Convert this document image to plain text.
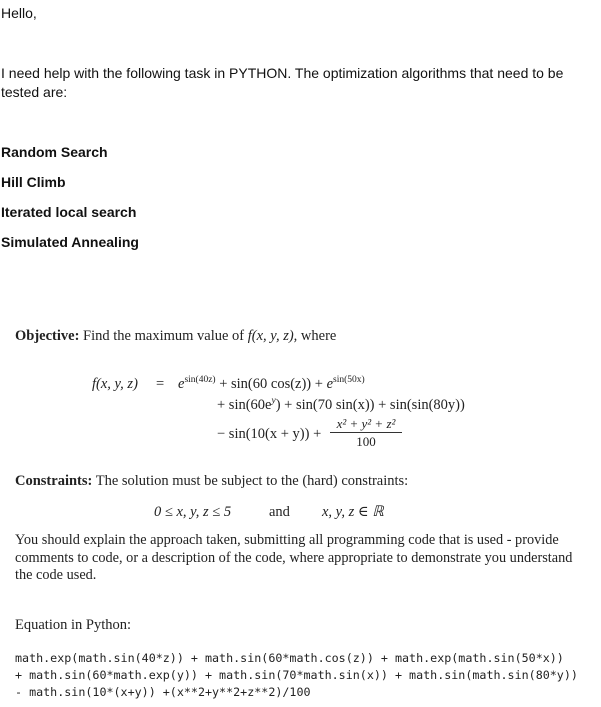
Hello,

I need help with the following task in PYTHON. The optimization algorithms that need to be tested are:

Random Search

Hill Climb

Iterated local search

Simulated Annealing

Objective: Find the maximum value of f(x, y, z), where
f(x, y, $z) = e^{sin(40z)} + \sin(60$ $\cos(z)) + e^{sin(50x)}$
+ $\sin(60e^y) + \sin(70$ sin(x)) + sin(sin(80y))
− sin(10(x + y)) +
x² + y² + z²
100
Constraints: The solution must be subject to the (hard) constraints:
0 ≤ x, y, z ≤ 5	and x, y, z ∈ ℝ

You should explain the approach taken, submitting all programming code that is used - provide comments to code, or a description of the code, where appropriate to demonstrate you understand the code used.

Equation in Python:
math.exp(math.sin(40*z)) + math.sin(60*math.cos(z)) + math.exp(math.sin(50*x))
+ math.sin(60*math.exp(y)) + math.sin(70*math.sin(x)) + math.sin(math.sin(80*y))
- math.sin(10*(x+y)) +(x**2+y**2+z**2)/100
